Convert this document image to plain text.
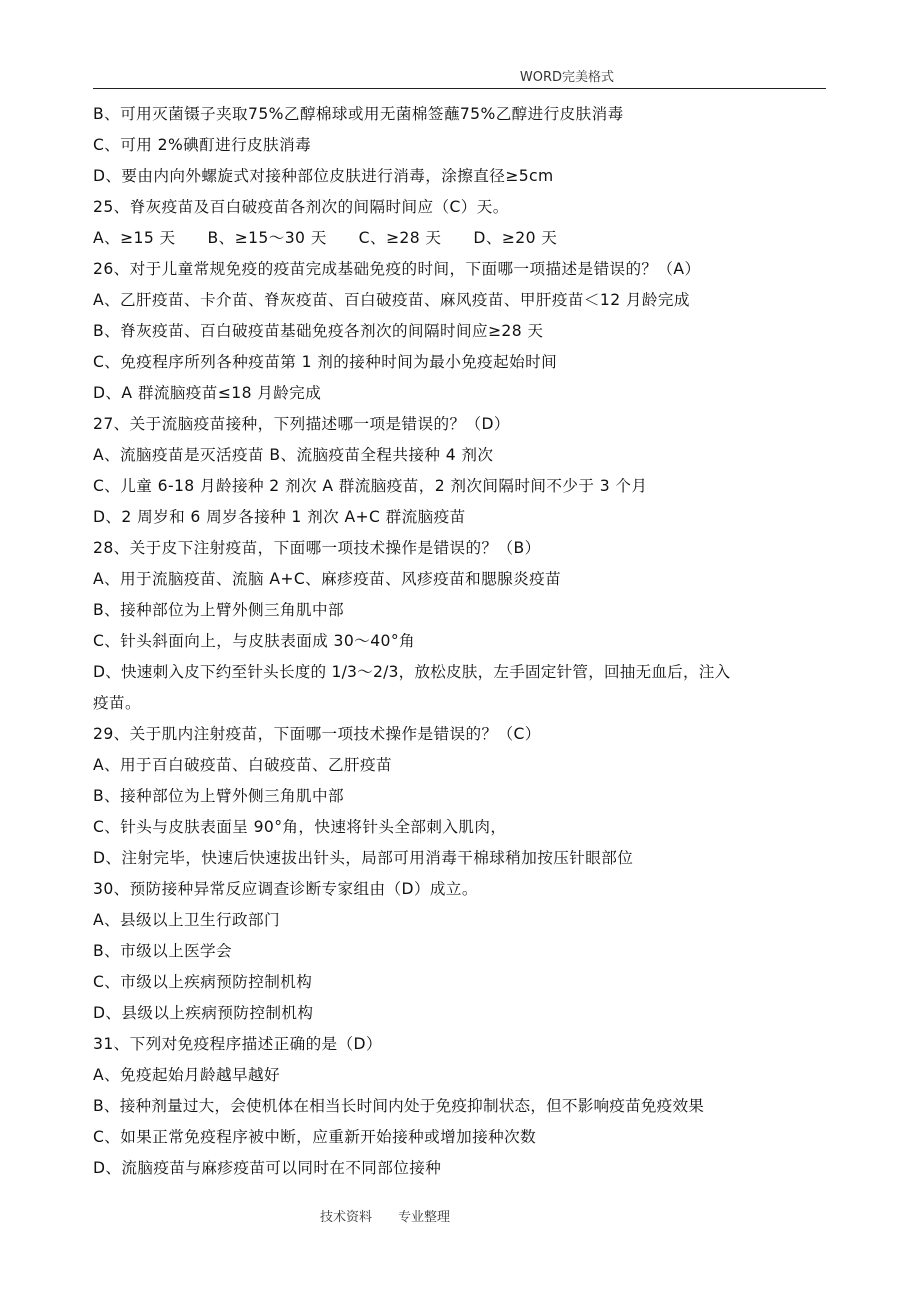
WORD完美格式
B、可用灭菌镊子夹取75%乙醇棉球或用无菌棉签蘸75%乙醇进行皮肤消毒
C、可用 2%碘酊进行皮肤消毒
D、要由内向外螺旋式对接种部位皮肤进行消毒，涂擦直径≥5cm
25、脊灰疫苗及百白破疫苗各剂次的间隔时间应（C）天。
A、≥15 天　　B、≥15～30 天　　C、≥28 天　　D、≥20 天
26、对于儿童常规免疫的疫苗完成基础免疫的时间，下面哪一项描述是错误的？（A）
A、乙肝疫苗、卡介苗、脊灰疫苗、百白破疫苗、麻风疫苗、甲肝疫苗＜12 月龄完成
B、脊灰疫苗、百白破疫苗基础免疫各剂次的间隔时间应≥28 天
C、免疫程序所列各种疫苗第 1 剂的接种时间为最小免疫起始时间
D、A 群流脑疫苗≤18 月龄完成
27、关于流脑疫苗接种，下列描述哪一项是错误的？（D）
A、流脑疫苗是灭活疫苗 B、流脑疫苗全程共接种 4 剂次
C、儿童 6-18 月龄接种 2 剂次 A 群流脑疫苗，2 剂次间隔时间不少于 3 个月
D、2 周岁和 6 周岁各接种 1 剂次 A+C 群流脑疫苗
28、关于皮下注射疫苗，下面哪一项技术操作是错误的？（B）
A、用于流脑疫苗、流脑 A+C、麻疹疫苗、风疹疫苗和腮腺炎疫苗
B、接种部位为上臂外侧三角肌中部
C、针头斜面向上，与皮肤表面成 30～40°角
D、快速刺入皮下约至针头长度的 1/3～2/3，放松皮肤，左手固定针管，回抽无血后，注入
疫苗。
29、关于肌内注射疫苗，下面哪一项技术操作是错误的？（C）
A、用于百白破疫苗、白破疫苗、乙肝疫苗
B、接种部位为上臂外侧三角肌中部
C、针头与皮肤表面呈 90°角，快速将针头全部刺入肌肉，
D、注射完毕，快速后快速拔出针头，局部可用消毒干棉球稍加按压针眼部位
30、预防接种异常反应调查诊断专家组由（D）成立。
A、县级以上卫生行政部门
B、市级以上医学会
C、市级以上疾病预防控制机构
D、县级以上疾病预防控制机构
31、下列对免疫程序描述正确的是（D）
A、免疫起始月龄越早越好
B、接种剂量过大，会使机体在相当长时间内处于免疫抑制状态，但不影响疫苗免疫效果
C、如果正常免疫程序被中断，应重新开始接种或增加接种次数
D、流脑疫苗与麻疹疫苗可以同时在不同部位接种
技术资料　　专业整理
